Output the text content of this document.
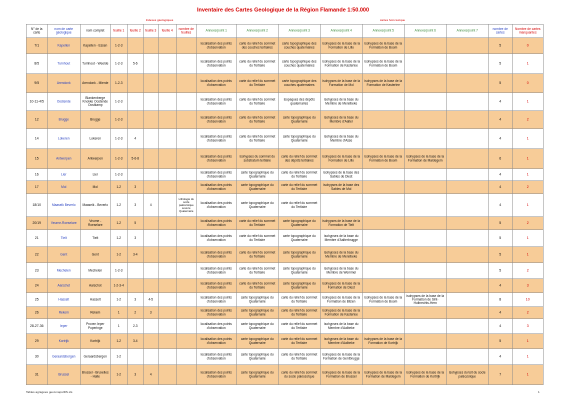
Inventaire des Cartes Geologique de la Région Flamande 1:50.000
Indexes géologiques	cartes hors lexique
N° de la carte	nom de carte géologique	nom complet	feuille 1	feuille 2	feuille 3	feuille 4	nombre de feuilles	Annexe/point 1	Annexe/point 2	Annexe/point 3	Annexe/point 4	Annexe/point 5	Annexe/point 6	Annexe/point 7	nombre de cartes	Nombre de cartes manquantes
7/1	Kapellen	Kapellen - Essen	1-2-3					localisation des points d'observation	carte du relief du sommet des couches tertiaires	carte topographique des couches quaternaires	isohypses de la base de la Formation de Lillo	isohypses de la base de la Formation de Boom			5	0
8/5	Turnhout	Turnhout - Weelde	1-2-3	5-6				localisation des points d'observation	carte du relief du sommet du Tertiaire	carte topographique des couches quaternaires	isohypses de la base de la Formation de Kasterlee	isohypses de la base de la Formation de Boom			5	1
9/5	Arendonk	Arendonk - Mierde	1-2-3					localisation des points d'observation	carte du relief du sommet du Tertiaire	carte topographique des couches quaternaires	isohypses de la base de la Formation de Mol	isohypses de la base de la Formation de Kasterlee			5	0
10-11-4/5	Oostende	Blankenberge Knokke Oostende Oostkamp	1-2-3					localisation des points d'observation	carte du relief du sommet du Tertiaire	isopaques des dépôts quaternaires	isohypses de la base du Membre de Merelbeke				4	1
12	Brugge	Brugge	1-2-3					localisation des points d'observation	carte du relief du sommet du Tertiaire	carte topographique du Quaternaire	isohypses de la base du Membre d'Aalter				4	2
14	Lokeren	Lokeren	1-2-3	4				localisation des points d'observation	carte du relief du sommet du Tertiaire	carte topographique du Quaternaire	isohypses de la base du Membre d'Asse				4	1
15	Antwerpen	Antwerpen	1-2-3	5-6-8				localisation des points d'observation	isohypses du sommet du substratum tertiaire	carte du relief du sommet des dépôts tertiaires	isohypses de la base de la Formation de Lillo	isohypses de la base de la Formation de Boom	isohypses de la base de la Formation de Maldegem		6	1
16	Lier	Lier	1-2-3					localisation des points d'observation	carte topographique du Quaternaire	carte du relief du sommet du Tertiaire	isohypses de la base des Sables de Diest				4	1
17	Mol	Mol	1-2	3				localisation des points d'observation	carte topographique du Quaternaire	carte du relief du sommet du Tertiaire	isohypses de la base des Sables de Mol				4	2
18/10	Maaseik Beverlo	Maaseik - Beverlo	1-2	3	4		Lithologie du socle paléozoïque sous le Quaternaire	localisation des points d'observation	carte topographique du Quaternaire	carte du relief du sommet du Tertiaire					4	1
20/19	Veurne-Roeselare	Veurne - Roeselare	1-2	5				localisation des points d'observation	carte du relief du sommet du Tertiaire	carte topographique du Quaternaire	isohypses de la base de la Formation de Tielt				5	2
21	Tielt	Tielt	1-2	3				localisation des points d'observation	carte du relief du sommet du Tertiaire	carte topographique du Quaternaire	isohypses de la base du Membre d'Aalterbrugge				5	1
22	Gent	Gent	1-2	3-4				localisation des points d'observation	carte du relief du sommet du Tertiaire	carte topographique du Quaternaire	isohypses de la base du Membre de Merelbeke				5	1
23	Mechelen	Mechelen	1-2-3					localisation des points d'observation	carte du relief du sommet du Tertiaire	carte topographique du Quaternaire	isohypses de la base du Membre de Wemmel				5	2
24	Aarschot	Aarschot	1-2-3-4					localisation des points d'observation	carte du relief du sommet du Tertiaire	carte topographique du Quaternaire	isohypses de la base de la Formation de Diest				4	3
25	Hasselt	Hasselt	1-2	3	4-5			localisation des points d'observation	carte topographique du Quaternaire	carte du relief du sommet du Tertiaire	isohypses de la base de la Formation de Bilzen	isohypses de la base de la Formation de Boom	isohypses de la base de la Formation de Sint-Huibrechts-Hern		8	10
26	Rekem	Rekem	1	2	3			localisation des points d'observation	carte topographique du Quaternaire	carte du relief du sommet du Tertiaire	isohypses de la base de la Formation de Kasterlee				4	2
28-27-36	Ieper	Proven Ieper Poperinge	1	2-3				localisation des points d'observation	carte topographique du Quaternaire	carte du relief du sommet du Tertiaire	isohypses de la base du Membre d'Aalbeke				4	3
29	Kortrijk	Kortrijk	1-2	3-4				localisation des points d'observation	carte topographique du Quaternaire	carte du relief du sommet du Tertiaire	isohypses de la base du Membre d'Aalbeke	isohypses de la base de la Formation de Kortrijk			5	1
30	Geraardsbergen	Geraardsbergen	1-2					localisation des points d'observation	carte topographique du Quaternaire	carte du relief du sommet du Tertiaire	isohypses de la base de la Formation de Gentbrugge				4	1
31	Brussel	Brussel - Bruxelles - Halle	1-2	3	4			localisation des points d'observation	carte topographique du Quaternaire	carte du relief du sommet du socle paléozoïque	isohypses de la base de la Formation de Brussel	isohypses de la base de la Formation de Maldegem	isohypses de la base de la Formation de Kortrijk	isohypses du toit du socle paléozoïque	7	1
Tables agrégées geol-mapsIDS.xls	1
